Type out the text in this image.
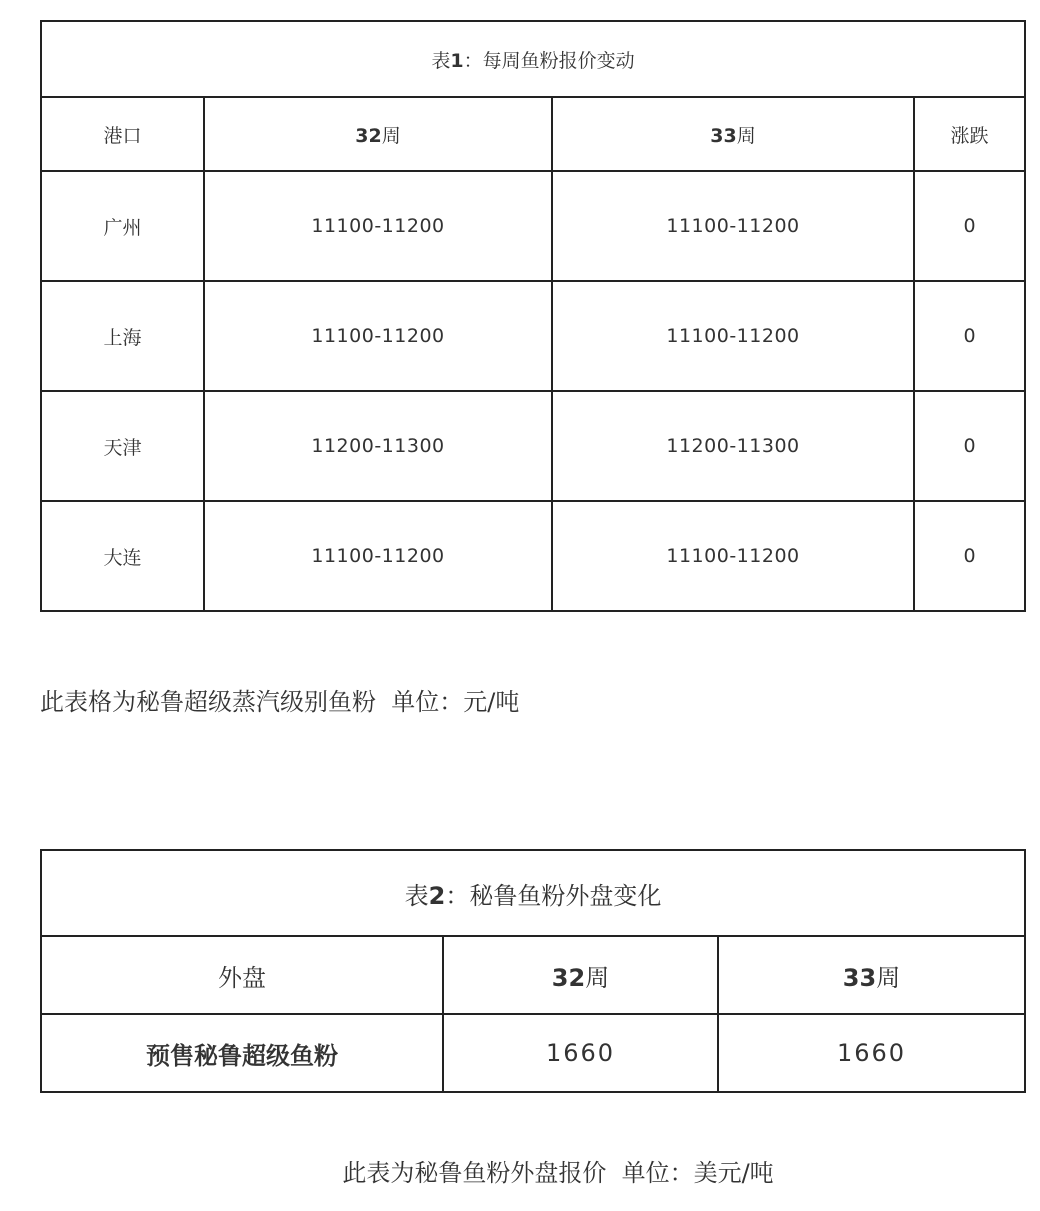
表1：每周鱼粉报价变动			
港口	32周	33周	涨跌
广州	11100-11200	11100-11200	0
上海	11100-11200	11100-11200	0
天津	11200-11300	11200-11300	0
大连	11100-11200	11100-11200	0
此表格为秘鲁超级蒸汽级别鱼粉  单位：元/吨
表2：秘鲁鱼粉外盘变化		
外盘	32周	33周
预售秘鲁超级鱼粉	1660	1660
此表为秘鲁鱼粉外盘报价  单位：美元/吨
